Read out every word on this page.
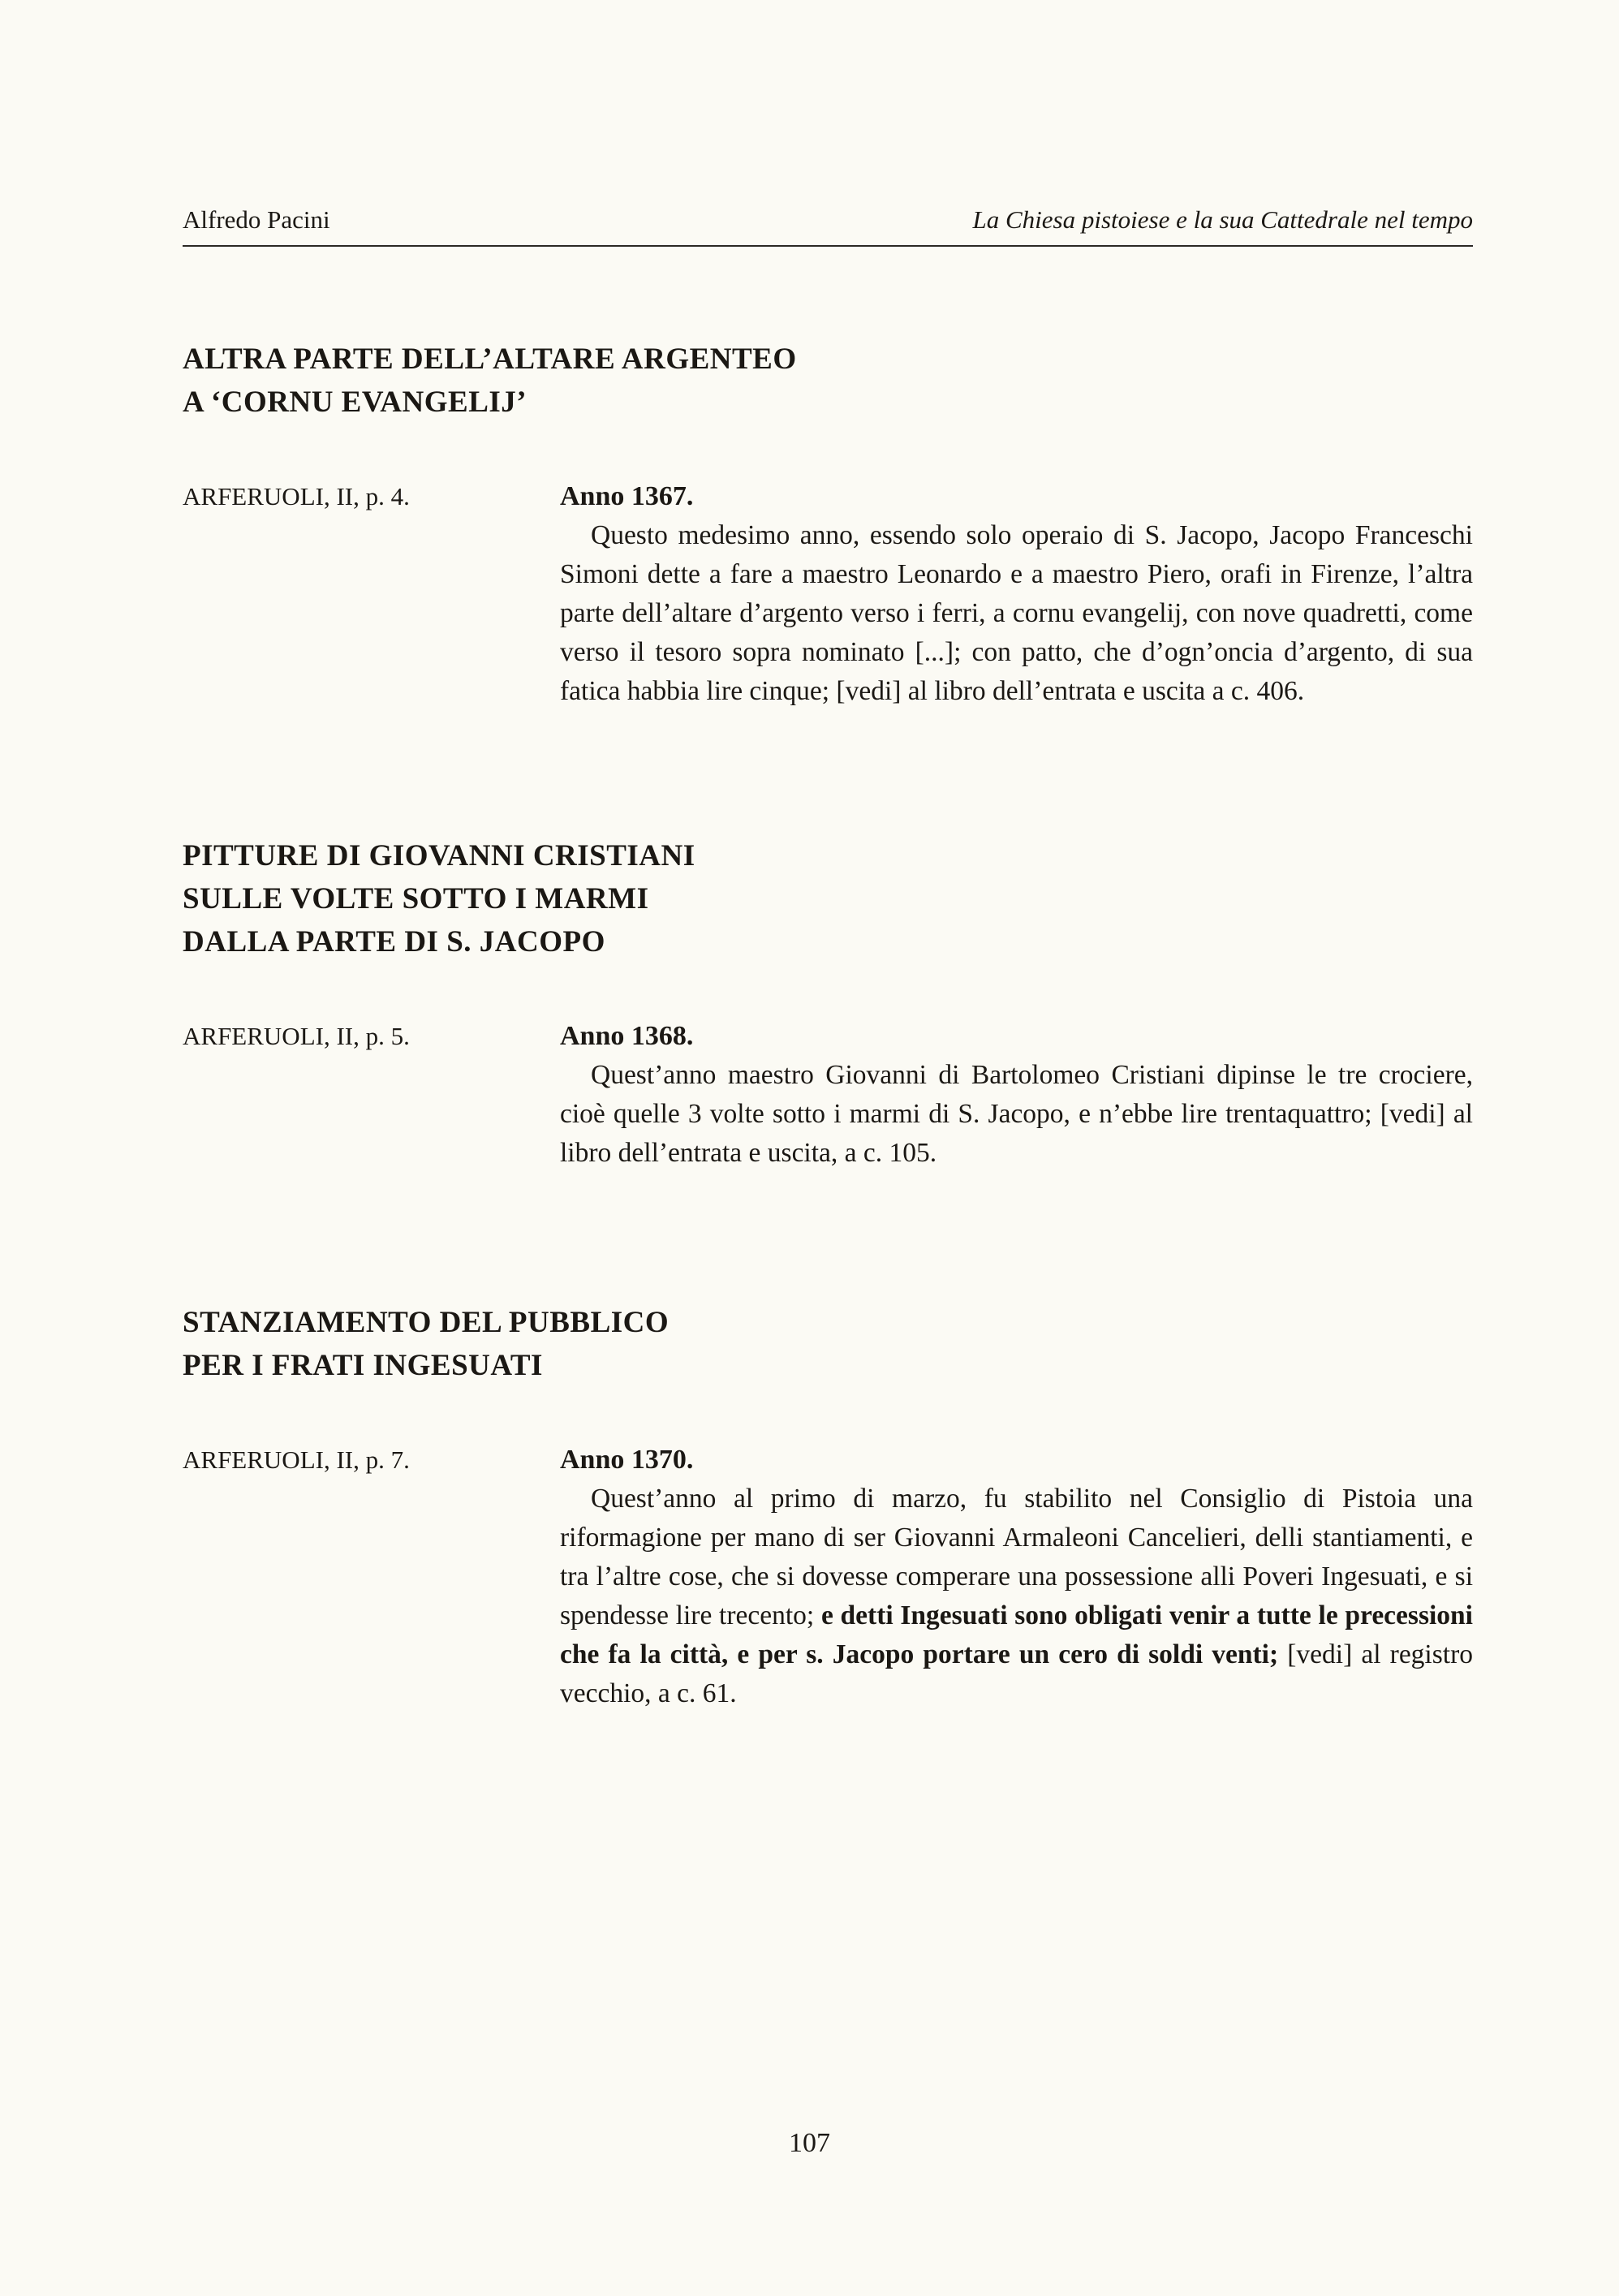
Alfredo Pacini	La Chiesa pistoiese e la sua Cattedrale nel tempo
ALTRA PARTE DELL’ALTARE ARGENTEO
A ‘CORNU EVANGELIJ’
ARFERUOLI, II, p. 4.	Anno 1367.

Questo medesimo anno, essendo solo operaio di S. Jacopo, Jacopo Franceschi Simoni dette a fare a maestro Leonardo e a maestro Piero, orafi in Firenze, l’altra parte dell’altare d’argento verso i ferri, a cornu evangelij, con nove quadretti, come verso il tesoro sopra nominato [...]; con patto, che d’ogn’oncia d’argento, di sua fatica habbia lire cinque; [vedi] al libro dell’entrata e uscita a c. 406.

PITTURE DI GIOVANNI CRISTIANI
SULLE VOLTE SOTTO I MARMI
DALLA PARTE DI S. JACOPO
ARFERUOLI, II, p. 5.	Anno 1368.

Quest’anno maestro Giovanni di Bartolomeo Cristiani dipinse le tre crociere, cioè quelle 3 volte sotto i marmi di S. Jacopo, e n’ebbe lire trentaquattro; [vedi] al libro dell’entrata e uscita, a c. 105.

STANZIAMENTO DEL PUBBLICO
PER I FRATI INGESUATI
ARFERUOLI, II, p. 7.	Anno 1370.

Quest’anno al primo di marzo, fu stabilito nel Consiglio di Pistoia una riformagione per mano di ser Giovanni Armaleoni Cancelieri, delli stantiamenti, e tra l’altre cose, che si dovesse comperare una possessione alli Poveri Ingesuati, e si spendesse lire trecento; e detti Ingesuati sono obligati venir a tutte le precessioni che fa la città, e per s. Jacopo portare un cero di soldi venti; [vedi] al registro vecchio, a c. 61.

107
